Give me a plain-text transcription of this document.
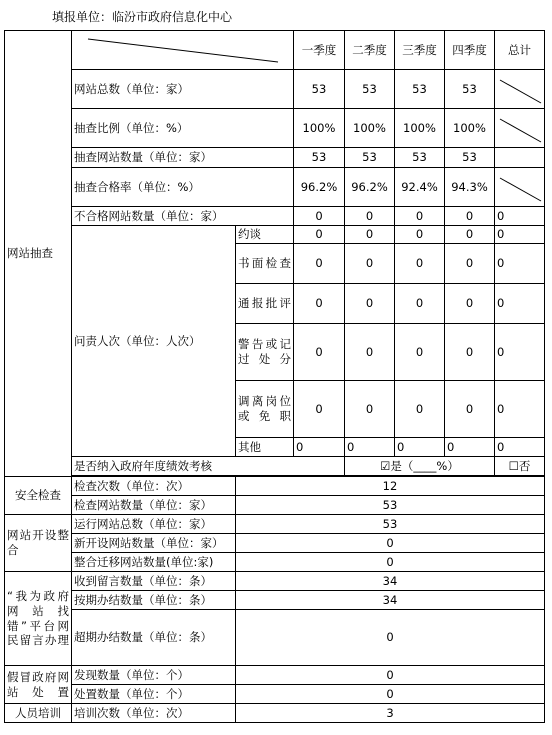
填报单位：临汾市政府信息化中心
网站抽查			一季度	二季度	三季度	四季度	总计
	网站总数（单位：家）		53	53	53	53	

	抽查比例（单位：%）		100%	100%	100%	100%	

	抽查网站数量（单位：家）		53	53	53	53	
	抽查合格率（单位：%）		96.2%	96.2%	92.4%	94.3%	

	不合格网站数量（单位：家）		0	0	0	0	0
	问责人次（单位：人次）	约谈	0	0	0	0	0
		书面检查	0	0	0	0	0
		通报批评	0	0	0	0	0
		警告或记过处分	0	0	0	0	0
		调离岗位或免职	0	0	0	0	0
		其他	0	0	0	0	0
	是否纳入政府年度绩效考核			☑是（____%）			☐否

安全检查	检查次数（单位：次）	12					
	检查网站数量（单位：家）	53					
网站开设整合	运行网站总数（单位：家）	53					
	新开设网站数量（单位：家）	0					
	整合迁移网站数量(单位:家)	0					
“我为政府网站找错”平台网民留言办理	收到留言数量（单位：条）	34					
	按期办结数量（单位：条）	34					
	超期办结数量（单位：条）	0					
假冒政府网站处置	发现数量（单位：个）	0					
	处置数量（单位：个）	0					
人员培训	培训次数（单位：次）	3					
